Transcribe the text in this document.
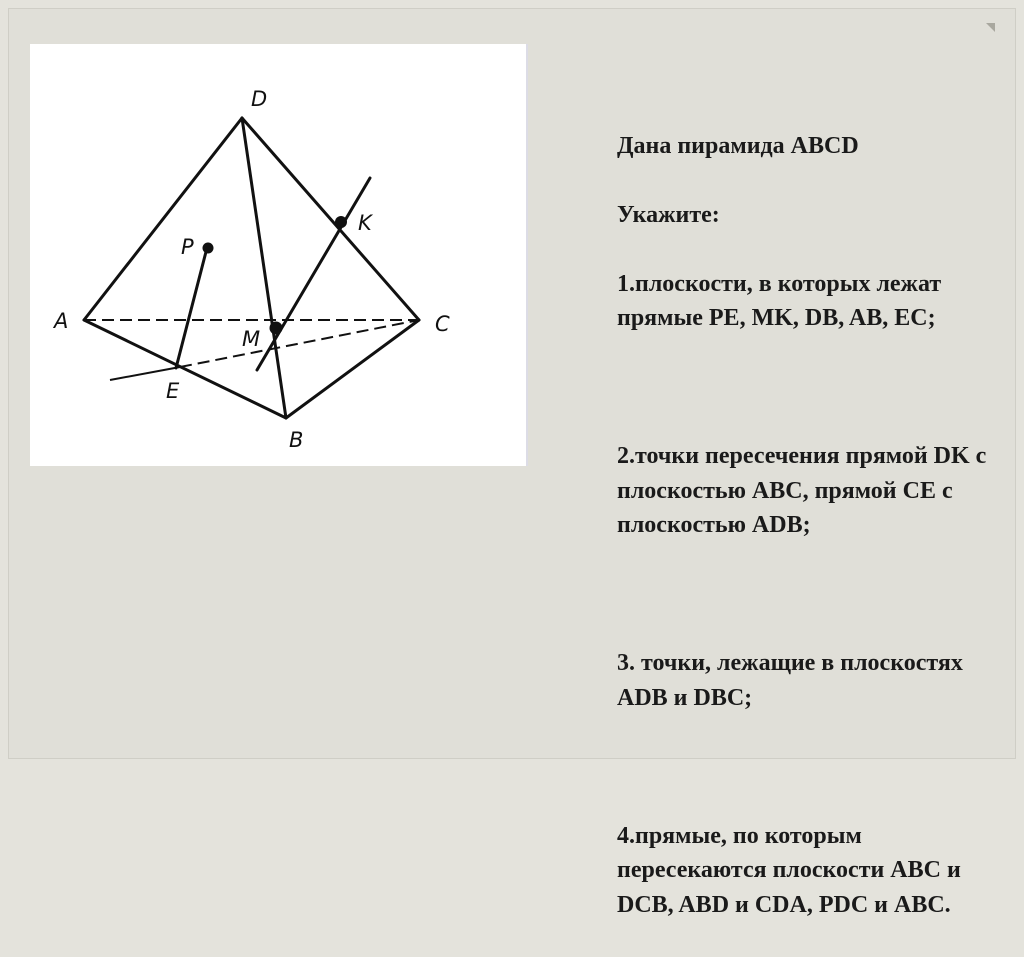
D
A	C
B
E
K
P
M

Дана пирамида ABCD

Укажите:

1.плоскости, в которых лежат прямые PE, MK, DB, AB, EC;

2.точки пересечения прямой DK с плоскостью ABC, прямой CE с плоскостью ADB;

3. точки, лежащие в плоскостях ADB и DBC;

4.прямые, по которым пересекаются плоскости ABC и DCB, ABD и CDA, PDC и ABC.
